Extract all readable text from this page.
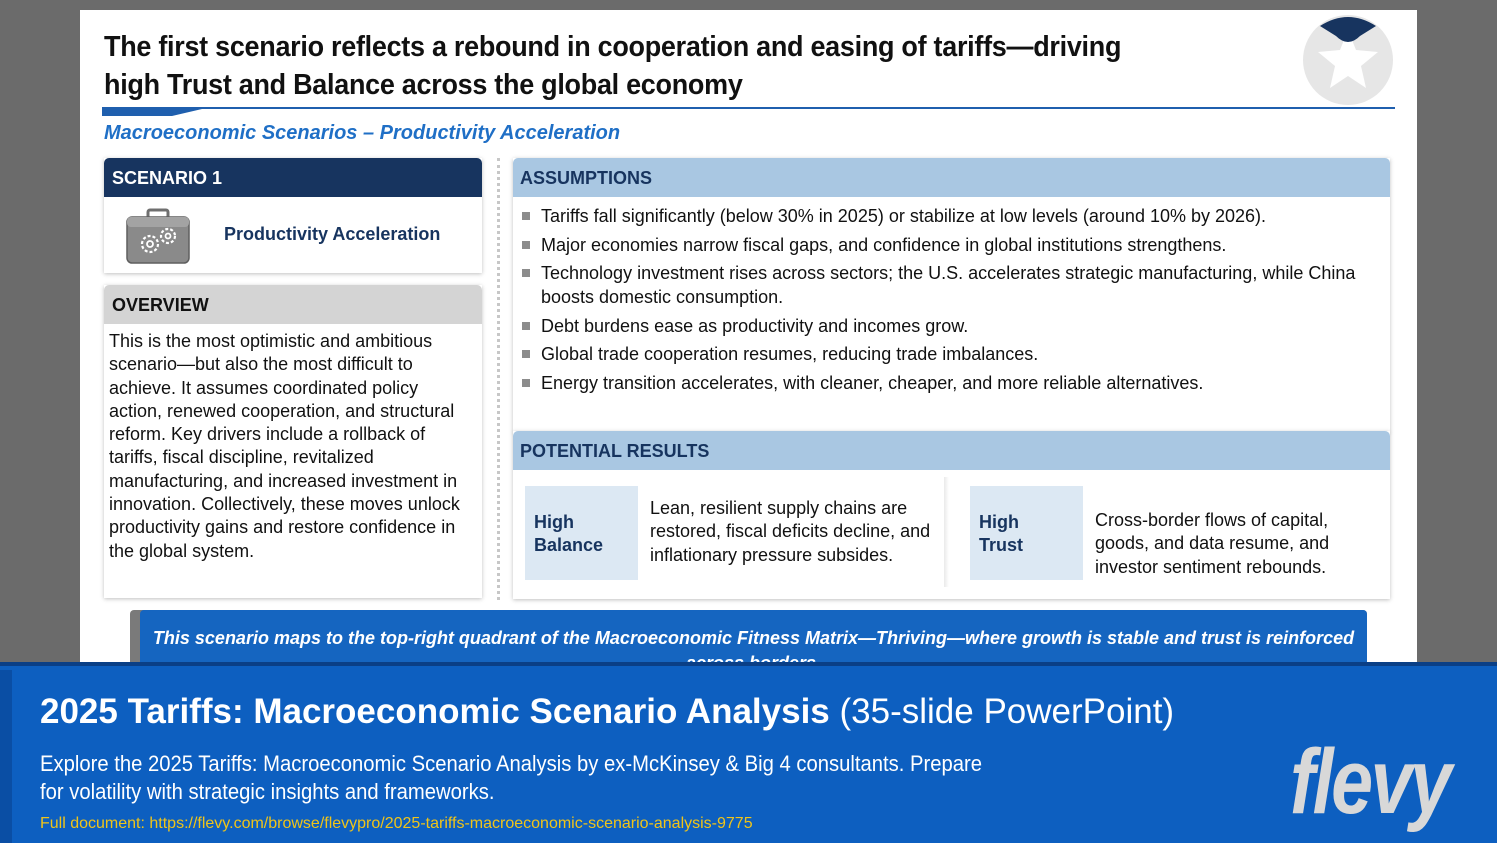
The first scenario reflects a rebound in cooperation and easing of tariffs—driving high Trust and Balance across the global economy
Macroeconomic Scenarios – Productivity Acceleration
SCENARIO 1
Productivity Acceleration
OVERVIEW
This is the most optimistic and ambitious scenario—but also the most difficult to achieve. It assumes coordinated policy action, renewed cooperation, and structural reform. Key drivers include a rollback of tariffs, fiscal discipline, revitalized manufacturing, and increased investment in innovation. Collectively, these moves unlock productivity gains and restore confidence in the global system.
ASSUMPTIONS
Tariffs fall significantly (below 30% in 2025) or stabilize at low levels (around 10% by 2026).
Major economies narrow fiscal gaps, and confidence in global institutions strengthens.
Technology investment rises across sectors; the U.S. accelerates strategic manufacturing, while China boosts domestic consumption.
Debt burdens ease as productivity and incomes grow.
Global trade cooperation resumes, reducing trade imbalances.
Energy transition accelerates, with cleaner, cheaper, and more reliable alternatives.
POTENTIAL RESULTS
High Balance
Lean, resilient supply chains are restored, fiscal deficits decline, and inflationary pressure subsides.
High Trust
Cross-border flows of capital, goods, and data resume, and investor sentiment rebounds.
This scenario maps to the top-right quadrant of the Macroeconomic Fitness Matrix—Thriving—where growth is stable and trust is reinforced
2025 Tariffs: Macroeconomic Scenario Analysis (35-slide PowerPoint)
Explore the 2025 Tariffs: Macroeconomic Scenario Analysis by ex-McKinsey & Big 4 consultants. Prepare for volatility with strategic insights and frameworks.
Full document: https://flevy.com/browse/flevypro/2025-tariffs-macroeconomic-scenario-analysis-9775	flevy
